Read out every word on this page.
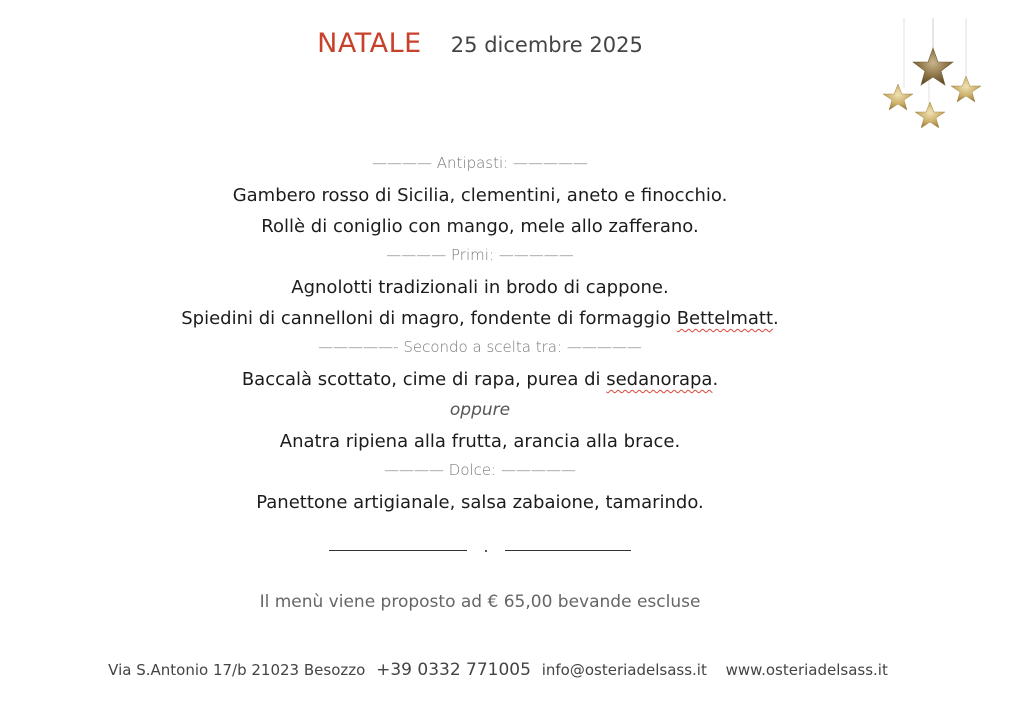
NATALE 25 dicembre 2025
———— Antipasti: —————
Gambero rosso di Sicilia, clementini, aneto e finocchio.
Rollè di coniglio con mango, mele allo zafferano.
———— Primi: —————
Agnolotti tradizionali in brodo di cappone.
Spiedini di cannelloni di magro, fondente di formaggio Bettelmatt.
—————- Secondo a scelta tra: —————
Baccalà scottato, cime di rapa, purea di sedanorapa.
oppure
Anatra ripiena alla frutta, arancia alla brace.
———— Dolce: —————
Panettone artigianale, salsa zabaione, tamarindo.
Il menù viene proposto ad € 65,00 bevande escluse
Via S.Antonio 17/b 21023 Besozzo +39 0332 771005 info@osteriadelsass.it www.osteriadelsass.it
